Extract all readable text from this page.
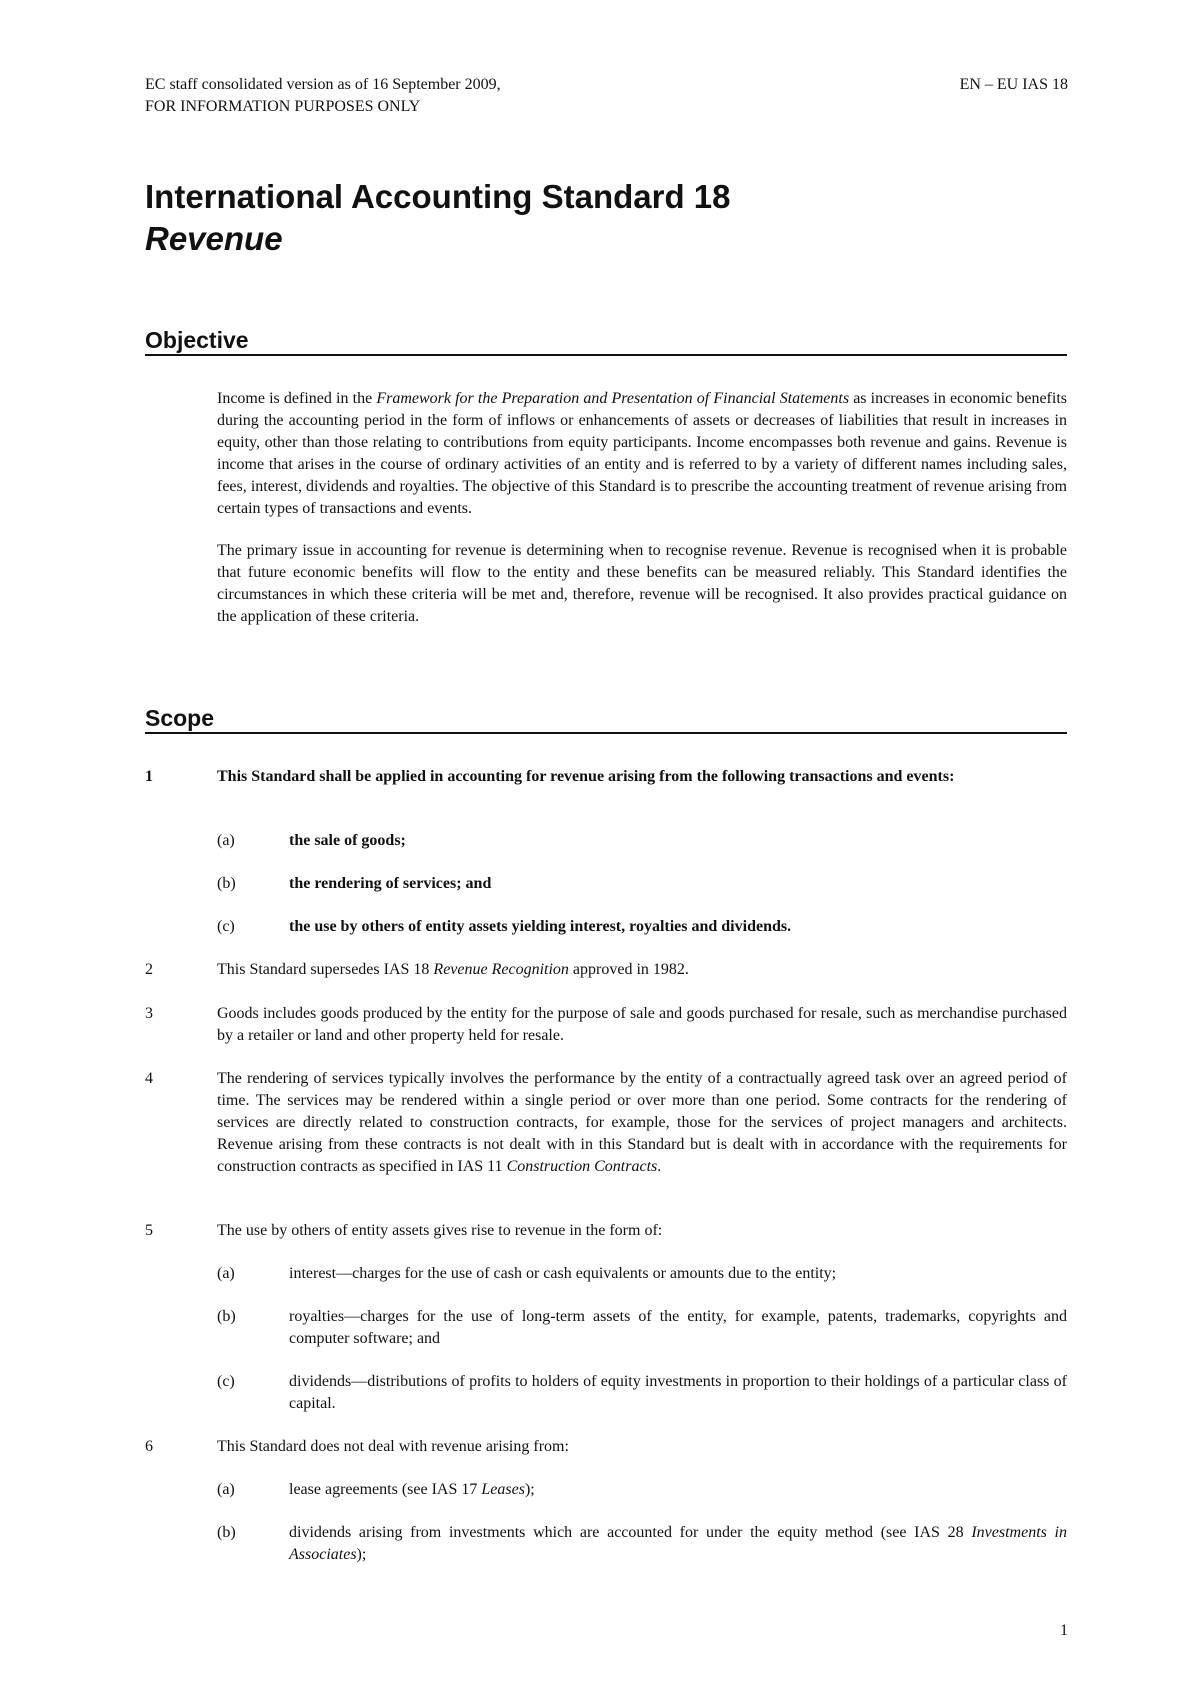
EC staff consolidated version as of 16 September 2009,
FOR INFORMATION PURPOSES ONLY
EN – EU IAS 18
International Accounting Standard 18
Revenue
Objective

Income is defined in the Framework for the Preparation and Presentation of Financial Statements as increases in economic benefits during the accounting period in the form of inflows or enhancements of assets or decreases of liabilities that result in increases in equity, other than those relating to contributions from equity participants. Income encompasses both revenue and gains. Revenue is income that arises in the course of ordinary activities of an entity and is referred to by a variety of different names including sales, fees, interest, dividends and royalties. The objective of this Standard is to prescribe the accounting treatment of revenue arising from certain types of transactions and events.

The primary issue in accounting for revenue is determining when to recognise revenue. Revenue is recognised when it is probable that future economic benefits will flow to the entity and these benefits can be measured reliably. This Standard identifies the circumstances in which these criteria will be met and, therefore, revenue will be recognised. It also provides practical guidance on the application of these criteria.

Scope
1	This Standard shall be applied in accounting for revenue arising from the following transactions and events:
(a)	the sale of goods;
(b)	the rendering of services; and
(c)	the use by others of entity assets yielding interest, royalties and dividends.
2	This Standard supersedes IAS 18 Revenue Recognition approved in 1982.
3	Goods includes goods produced by the entity for the purpose of sale and goods purchased for resale, such as merchandise purchased by a retailer or land and other property held for resale.
4	The rendering of services typically involves the performance by the entity of a contractually agreed task over an agreed period of time. The services may be rendered within a single period or over more than one period. Some contracts for the rendering of services are directly related to construction contracts, for example, those for the services of project managers and architects. Revenue arising from these contracts is not dealt with in this Standard but is dealt with in accordance with the requirements for construction contracts as specified in IAS 11 Construction Contracts.
5	The use by others of entity assets gives rise to revenue in the form of:
(a)	interest—charges for the use of cash or cash equivalents or amounts due to the entity;
(b)	royalties—charges for the use of long-term assets of the entity, for example, patents, trademarks, copyrights and computer software; and
(c)	dividends—distributions of profits to holders of equity investments in proportion to their holdings of a particular class of capital.
6	This Standard does not deal with revenue arising from:
(a)	lease agreements (see IAS 17 Leases);
(b)	dividends arising from investments which are accounted for under the equity method (see IAS 28 Investments in Associates);
1
